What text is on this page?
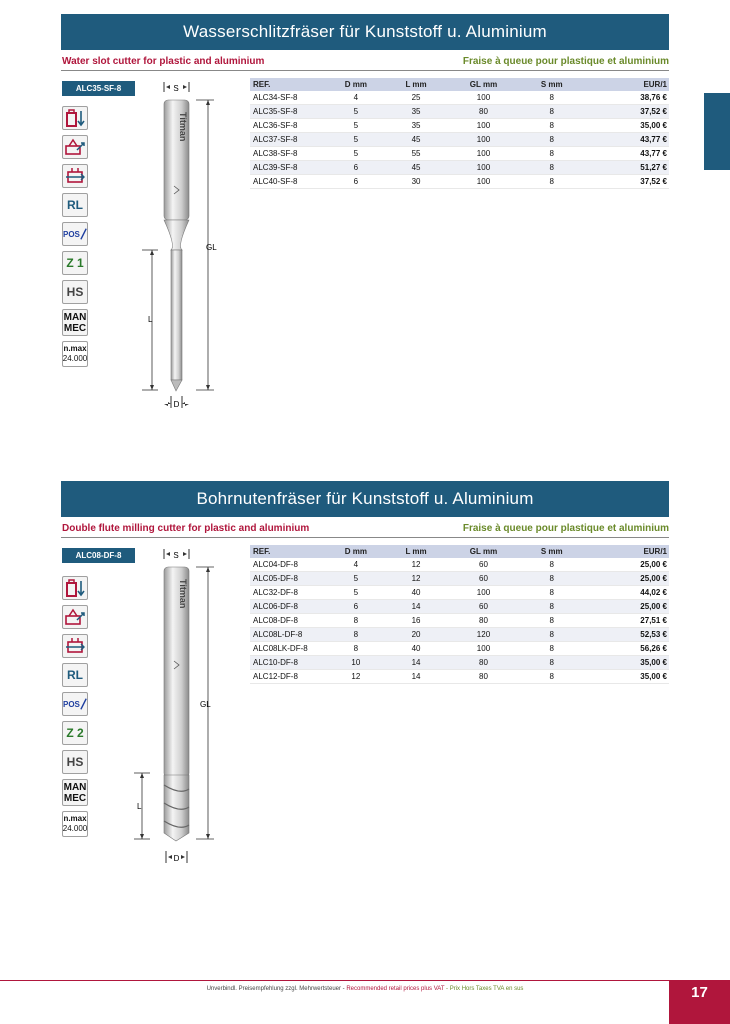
Wasserschlitzfräser für Kunststoff u. Aluminium
Water slot cutter for plastic and aluminium	Fraise à queue pour plastique et aluminium
ALC35-SF-8
RL
POS
Z 1
HS
MAN
MEC
n.max
24.000
S
Titman
GL
L
D
REF.	D mm	L mm	GL mm	S mm	EUR/1
ALC34-SF-8	4	25	100	8	38,76 €
ALC35-SF-8	5	35	80	8	37,52 €
ALC36-SF-8	5	35	100	8	35,00 €
ALC37-SF-8	5	45	100	8	43,77 €
ALC38-SF-8	5	55	100	8	43,77 €
ALC39-SF-8	6	45	100	8	51,27 €
ALC40-SF-8	6	30	100	8	37,52 €
Bohrnutenfräser für Kunststoff u. Aluminium
Double flute milling cutter for plastic and aluminium	Fraise à queue pour plastique et aluminium
ALC08-DF-8
RL
POS
Z 2
HS
MAN
MEC
n.max
24.000
S
Titman
GL
L
D
REF.	D mm	L mm	GL mm	S mm	EUR/1
ALC04-DF-8	4	12	60	8	25,00 €
ALC05-DF-8	5	12	60	8	25,00 €
ALC32-DF-8	5	40	100	8	44,02 €
ALC06-DF-8	6	14	60	8	25,00 €
ALC08-DF-8	8	16	80	8	27,51 €
ALC08L-DF-8	8	20	120	8	52,53 €
ALC08LK-DF-8	8	40	100	8	56,26 €
ALC10-DF-8	10	14	80	8	35,00 €
ALC12-DF-8	12	14	80	8	35,00 €
Unverbindl. Preisempfehlung zzgl. Mehrwertsteuer - Recommended retail prices plus VAT - Prix Hors Taxes TVA en sus	17
